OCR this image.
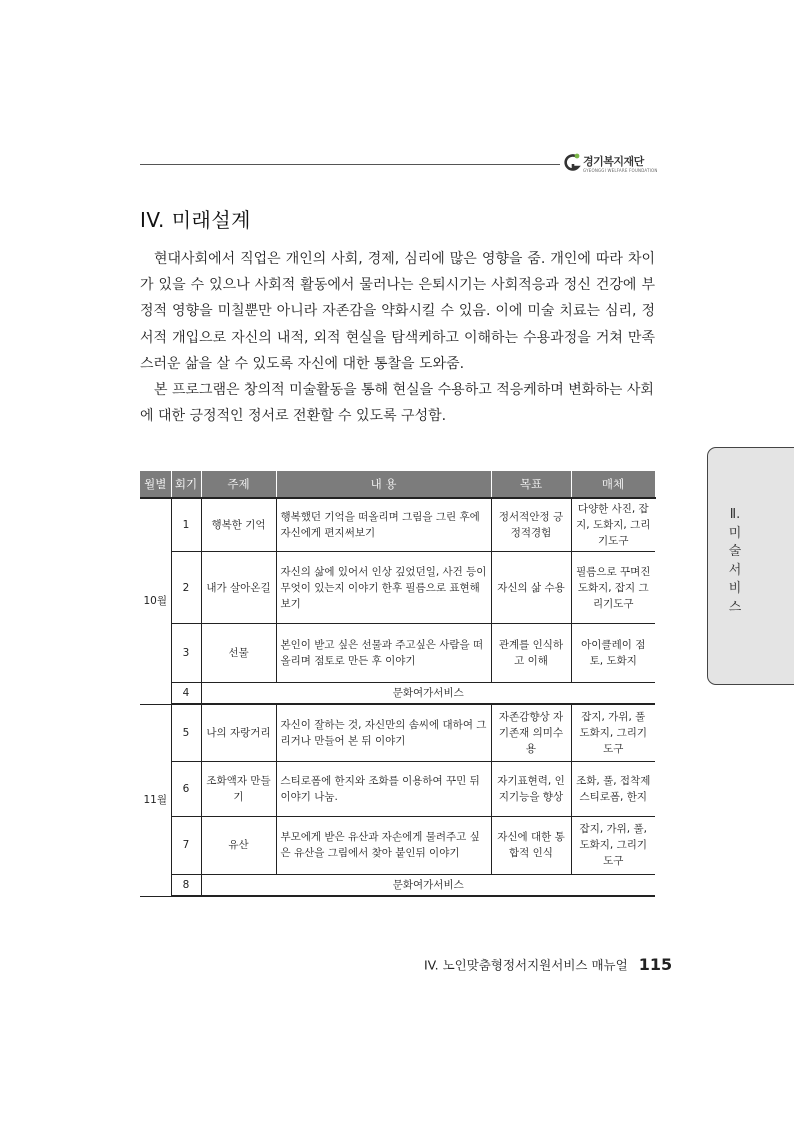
경기복지재단
GYEONGGI WELFARE FOUNDATION
IV. 미래설계

현대사회에서 직업은 개인의 사회, 경제, 심리에 많은 영향을 줌. 개인에 따라 차이가 있을 수 있으나 사회적 활동에서 물러나는 은퇴시기는 사회적응과 정신 건강에 부정적 영향을 미칠뿐만 아니라 자존감을 약화시킬 수 있음. 이에 미술 치료는 심리, 정서적 개입으로 자신의 내적, 외적 현실을 탐색케하고 이해하는 수용과정을 거쳐 만족스러운 삶을 살 수 있도록 자신에 대한 통찰을 도와줌.

본 프로그램은 창의적 미술활동을 통해 현실을 수용하고 적응케하며 변화하는 사회에 대한 긍정적인 정서로 전환할 수 있도록 구성함.

월별	회기	주제	내 용	목표	매체
10월	1	행복한 기억	행복했던 기억을 떠올리며 그림을 그린 후에 자신에게 편지써보기	정서적안정 긍정적경험	다양한 사진, 잡지, 도화지, 그리기도구
	2	내가 살아온길	자신의 삶에 있어서 인상 깊었던일, 사건 등이 무엇이 있는지 이야기 한후 필름으로 표현해보기	자신의 삶 수용	필름으로 꾸며진 도화지, 잡지 그리기도구
	3	선물	본인이 받고 싶은 선물과 주고싶은 사람을 떠올리며 점토로 만든 후 이야기	관계를 인식하고 이해	아이클레이 점토, 도화지
	4	문화여가서비스			
11월	5	나의 자랑거리	자신이 잘하는 것, 자신만의 솜씨에 대하여 그리거나 만들어 본 뒤 이야기	자존감향상 자기존재 의미수용	잡지, 가위, 풀 도화지, 그리기도구
	6	조화액자 만들기	스티로폼에 한지와 조화를 이용하여 꾸민 뒤 이야기 나눔.	자기표현력, 인지기능을 향상	조화, 풀, 접착제 스티로폼, 한지
	7	유산	부모에게 받은 유산과 자손에게 물려주고 싶은 유산을 그림에서 찾아 붙인뒤 이야기	자신에 대한 통합적 인식	잡지, 가위, 풀, 도화지, 그리기도구
	8	문화여가서비스			
Ⅱ.
미
술
서
비
스
IV. 노인맞춤형정서지원서비스 매뉴얼 115
